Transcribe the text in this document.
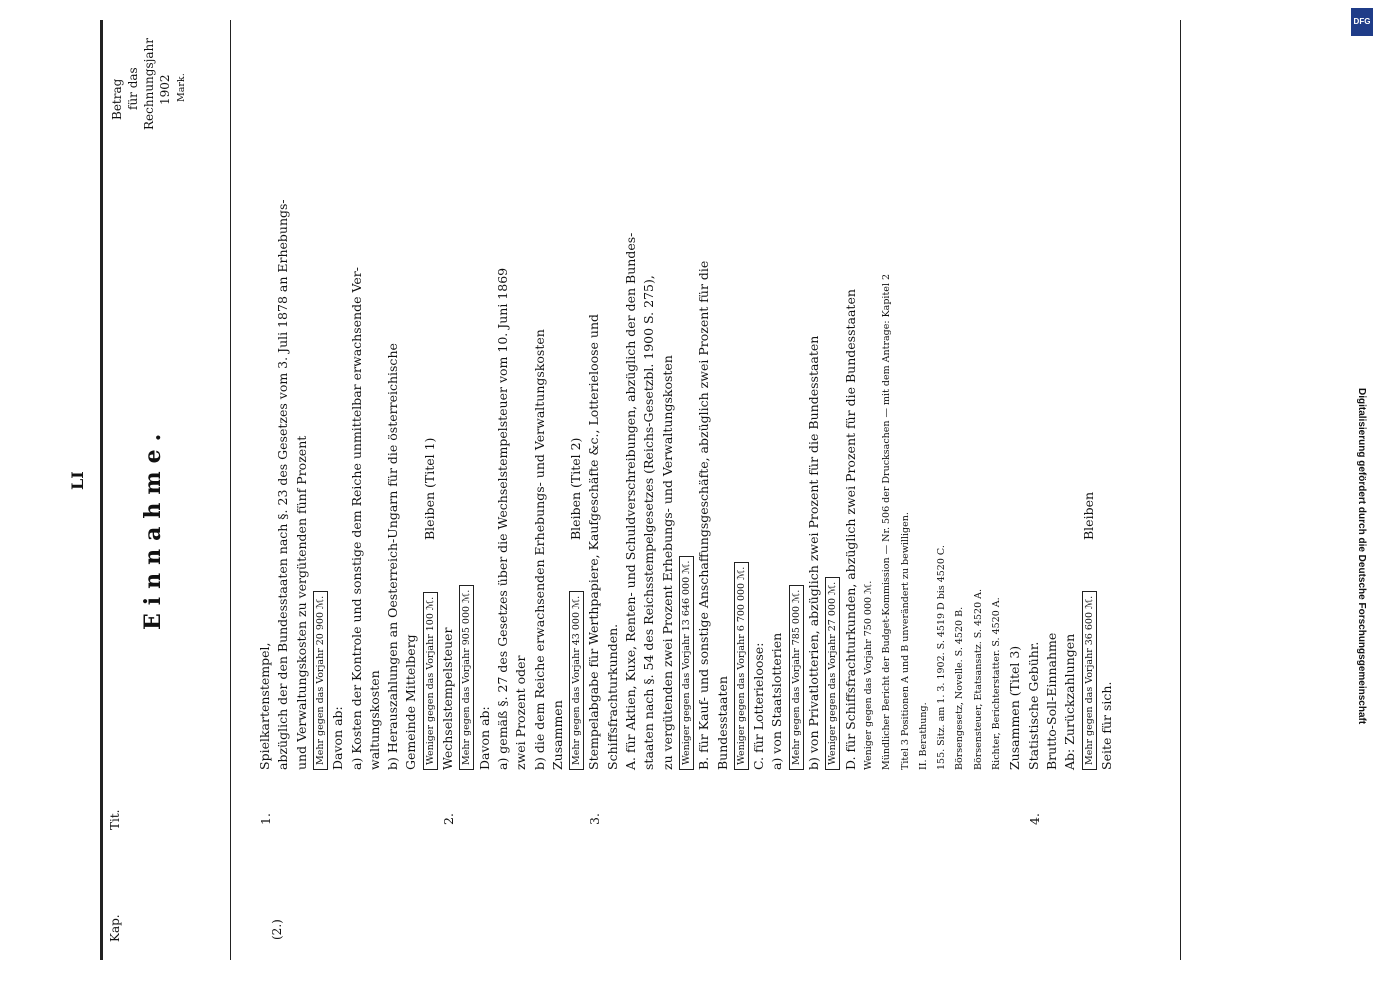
LI Einnahme.
Kap.
Tit.
Betrag für das Rechnungsjahr 1902 Mark.
(2.)
1.
Spielkartenstempel, abzüglich der den Bundesstaaten nach §. 23 des Gesetzes vom 3. Juli 1878 an Erhebungs- und Verwaltungskosten zu vergütenden fünf Prozent Mehr gegen das Vorjahr 20 900 ℳ. Davon ab: a) Kosten der Kontrole und sonstige dem Reiche unmittelbar erwachsende Ver- waltungskosten b) Herauszahlungen an Oesterreich-Ungarn für die österreichische Gemeinde Mittelberg Weniger gegen das Vorjahr 100 ℳ.
Bleiben (Titel 1)
2.
Wechselstempelsteuer Mehr gegen das Vorjahr 905 000 ℳ. Davon ab: a) gemäß §. 27 des Gesetzes über die Wechselstempelsteuer vom 10. Juni 1869 zwei Prozent oder b) die dem Reiche erwachsenden Erhebungs- und Verwaltungskosten Zusammen Mehr gegen das Vorjahr 43 000 ℳ.
Bleiben (Titel 2)
3.
Stempelabgabe für Werthpapiere, Kaufgeschäfte &c., Lotterieloose und Schiffsfrachturkunden. A. für Aktien, Kuxe, Renten- und Schuldverschreibungen, abzüglich der den Bundes- staaten nach §. 54 des Reichsstempelgesetzes (Reichs-Gesetzbl. 1900 S. 275), zu vergütenden zwei Prozent Erhebungs- und Verwaltungskosten Weniger gegen das Vorjahr 13 646 000 ℳ. B. für Kauf- und sonstige Anschaffungsgeschäfte, abzüglich zwei Prozent für die Bundesstaaten Weniger gegen das Vorjahr 6 700 000 ℳ. C. für Lotterieloose: a) von Staatslotterien Mehr gegen das Vorjahr 785 000 ℳ. b) von Privatlotterien, abzüglich zwei Prozent für die Bundesstaaten Weniger gegen das Vorjahr 27 000 ℳ. D. für Schiffsfrachturkunden, abzüglich zwei Prozent für die Bundesstaaten Weniger gegen das Vorjahr 750 000 ℳ. Mündlicher Bericht der Budget-Kommission — Nr. 506 der Drucksachen — mit dem Antrage: Kapitel 2 Titel 3 Positionen A und B unverändert zu bewilligen. II. Berathung. 155. Sitz. am 1. 3. 1902. S. 4519 D bis 4520 C. Börsengesetz, Novelle. S. 4520 B. Börsensteuer, Etatsansatz. S. 4520 A. Richter, Berichterstatter. S. 4520 A. Zusammen (Titel 3)
4.
Statistische Gebühr. Brutto-Soll-Einnahme Ab: Zurückzahlungen Mehr gegen das Vorjahr 36 600 ℳ.
Bleiben
Seite für sich.
DFG
Digitalisierung gefördert durch die Deutsche Forschungsgemeinschaft
